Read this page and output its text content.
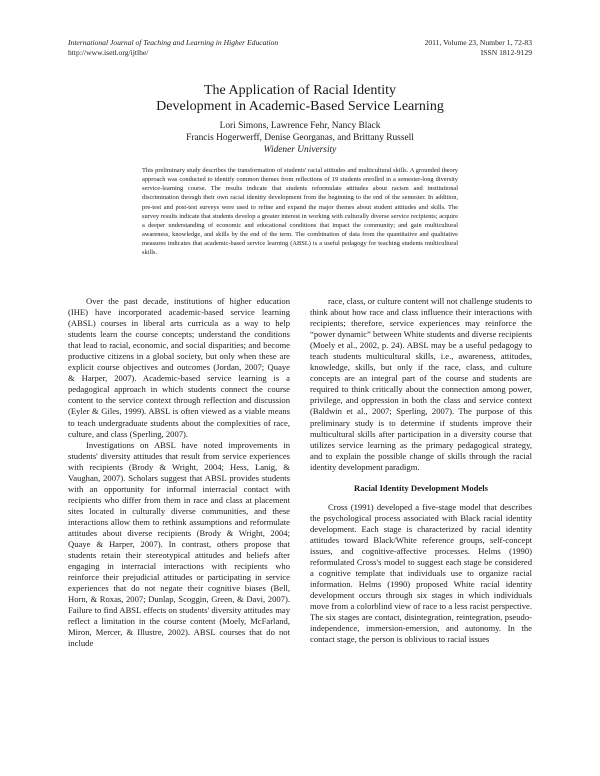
International Journal of Teaching and Learning in Higher Education
http://www.isetl.org/ijtlhe/
2011, Volume 23, Number 1, 72-83
ISSN 1812-9129
The Application of Racial Identity
Development in Academic-Based Service Learning
Lori Simons, Lawrence Fehr, Nancy Black
Francis Hogerwerff, Denise Georganas, and Brittany Russell
Widener University

This preliminary study describes the transformation of students' racial attitudes and multicultural skills. A grounded theory approach was conducted to identify common themes from reflections of 19 students enrolled in a semester-long diversity service-learning course. The results indicate that students reformulate attitudes about racism and institutional discrimination through their own racial identity development from the beginning to the end of the semester. In addition, pre-test and post-test surveys were used to refine and expand the major themes about student attitudes and skills. The survey results indicate that students develop a greater interest in working with culturally diverse service recipients; acquire a deeper understanding of economic and educational conditions that impact the community; and gain multicultural awareness, knowledge, and skills by the end of the term. The combination of data from the quantitative and qualitative measures indicates that academic-based service learning (ABSL) is a useful pedagogy for teaching students multicultural skills.

Over the past decade, institutions of higher education (IHE) have incorporated academic-based service learning (ABSL) courses in liberal arts curricula as a way to help students learn the course concepts; understand the conditions that lead to racial, economic, and social disparities; and become productive citizens in a global society, but only when these are explicit course objectives and outcomes (Jordan, 2007; Quaye & Harper, 2007). Academic-based service learning is a pedagogical approach in which students connect the course content to the service context through reflection and discussion (Eyler & Giles, 1999). ABSL is often viewed as a viable means to teach undergraduate students about the complexities of race, culture, and class (Sperling, 2007).

Investigations on ABSL have noted improvements in students' diversity attitudes that result from service experiences with recipients (Brody & Wright, 2004; Hess, Lanig, & Vaughan, 2007). Scholars suggest that ABSL provides students with an opportunity for informal interracial contact with recipients who differ from them in race and class at placement sites located in culturally diverse communities, and these interactions allow them to rethink assumptions and reformulate attitudes about diverse recipients (Brody & Wright, 2004; Quaye & Harper, 2007). In contrast, others propose that students retain their stereotypical attitudes and beliefs after engaging in interracial interactions with recipients who reinforce their prejudicial attitudes or participating in service experiences that do not negate their cognitive biases (Bell, Horn, & Roxas, 2007; Dunlap, Scoggin, Green, & Davi, 2007). Failure to find ABSL effects on students' diversity attitudes may reflect a limitation in the course content (Moely, McFarland, Miron, Mercer, & Illustre, 2002). ABSL courses that do not include

race, class, or culture content will not challenge students to think about how race and class influence their interactions with recipients; therefore, service experiences may reinforce the “power dynamic” between White students and diverse recipients (Moely et al., 2002, p. 24). ABSL may be a useful pedagogy to teach students multicultural skills, i.e., awareness, attitudes, knowledge, skills, but only if the race, class, and culture concepts are an integral part of the course and students are required to think critically about the connection among power, privilege, and oppression in both the class and service context (Baldwin et al., 2007; Sperling, 2007). The purpose of this preliminary study is to determine if students improve their multicultural skills after participation in a diversity course that utilizes service learning as the primary pedagogical strategy, and to explain the possible change of skills through the racial identity development paradigm.

Racial Identity Development Models

Cross (1991) developed a five-stage model that describes the psychological process associated with Black racial identity development. Each stage is characterized by racial identity attitudes toward Black/White reference groups, self-concept issues, and cognitive-affective processes. Helms (1990) reformulated Cross's model to suggest each stage be considered a cognitive template that individuals use to organize racial information. Helms (1990) proposed White racial identity development occurs through six stages in which individuals move from a colorblind view of race to a less racist perspective. The six stages are contact, disintegration, reintegration, pseudo-independence, immersion-emersion, and autonomy. In the contact stage, the person is oblivious to racial issues
